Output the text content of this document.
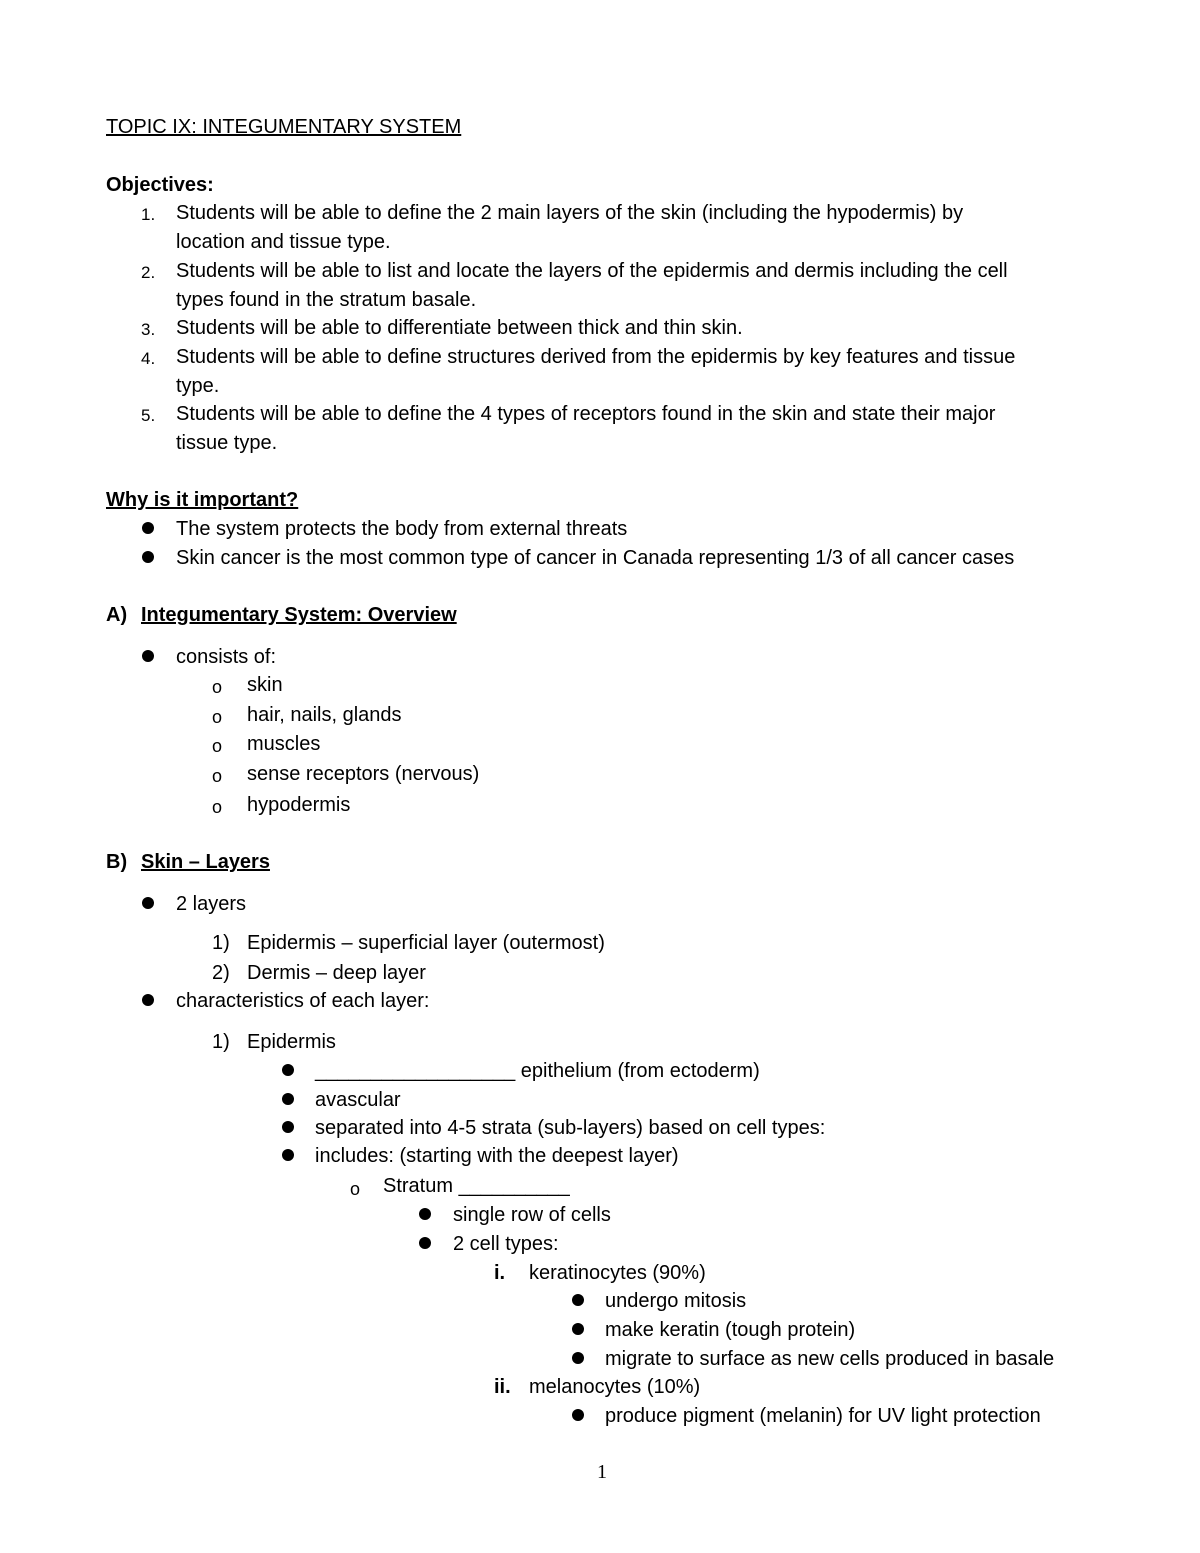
TOPIC IX: INTEGUMENTARY SYSTEM
Objectives:
1. Students will be able to define the 2 main layers of the skin (including the hypodermis) by
location and tissue type.
2. Students will be able to list and locate the layers of the epidermis and dermis including the cell
types found in the stratum basale.
3. Students will be able to differentiate between thick and thin skin.
4. Students will be able to define structures derived from the epidermis by key features and tissue
type.
5. Students will be able to define the 4 types of receptors found in the skin and state their major
tissue type.
Why is it important?
The system protects the body from external threats
Skin cancer is the most common type of cancer in Canada representing 1/3 of all cancer cases
A) Integumentary System: Overview
consists of:
o skin
o hair, nails, glands
o muscles
o sense receptors (nervous)
o hypodermis
B) Skin – Layers
2 layers
1) Epidermis – superficial layer (outermost)
2) Dermis – deep layer
characteristics of each layer:
1) Epidermis
__________________ epithelium (from ectoderm)
avascular
separated into 4-5 strata (sub-layers) based on cell types:
includes: (starting with the deepest layer)
o Stratum __________
single row of cells
2 cell types:
i. keratinocytes (90%)
undergo mitosis
make keratin (tough protein)
migrate to surface as new cells produced in basale
ii. melanocytes (10%)
produce pigment (melanin) for UV light protection
1
